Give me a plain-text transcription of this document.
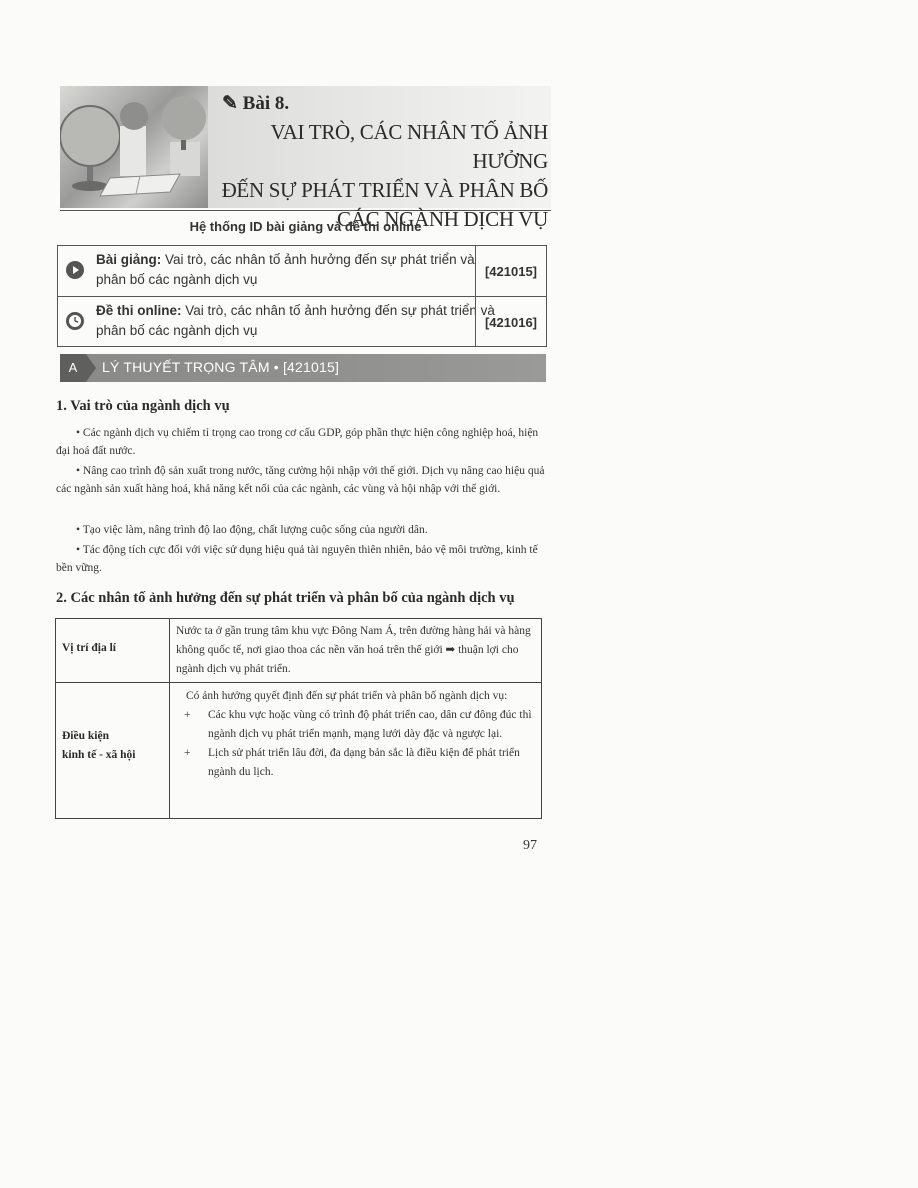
✎ Bài 8.
VAI TRÒ, CÁC NHÂN TỐ ẢNH HƯỞNG
ĐẾN SỰ PHÁT TRIỂN VÀ PHÂN BỐ
CÁC NGÀNH DỊCH VỤ
Hệ thống ID bài giảng và đề thi online
Bài giảng: Vai trò, các nhân tố ảnh hưởng đến sự phát triển và phân bố các ngành dịch vụ
[421015]
Đề thi online: Vai trò, các nhân tố ảnh hưởng đến sự phát triển và phân bố các ngành dịch vụ
[421016]
A	LÝ THUYẾT TRỌNG TÂM • [421015]
1. Vai trò của ngành dịch vụ
• Các ngành dịch vụ chiếm tỉ trọng cao trong cơ cấu GDP, góp phần thực hiện công nghiệp hoá, hiện đại hoá đất nước.
• Nâng cao trình độ sản xuất trong nước, tăng cường hội nhập với thế giới. Dịch vụ nâng cao hiệu quả các ngành sản xuất hàng hoá, khả năng kết nối của các ngành, các vùng và hội nhập với thế giới.
• Tạo việc làm, nâng trình độ lao động, chất lượng cuộc sống của người dân.
• Tác động tích cực đối với việc sử dụng hiệu quả tài nguyên thiên nhiên, bảo vệ môi trường, kinh tế bền vững.
2. Các nhân tố ảnh hưởng đến sự phát triển và phân bố của ngành dịch vụ
Vị trí địa lí
Nước ta ở gần trung tâm khu vực Đông Nam Á, trên đường hàng hải và hàng không quốc tế, nơi giao thoa các nền văn hoá trên thế giới ➡ thuận lợi cho ngành dịch vụ phát triển.
Điều kiện
kinh tế - xã hội
Có ảnh hưởng quyết định đến sự phát triển và phân bố ngành dịch vụ:
+ Các khu vực hoặc vùng có trình độ phát triển cao, dân cư đông đúc thì ngành dịch vụ phát triển mạnh, mạng lưới dày đặc và ngược lại.
+ Lịch sử phát triển lâu đời, đa dạng bản sắc là điều kiện để phát triển ngành du lịch.
97
